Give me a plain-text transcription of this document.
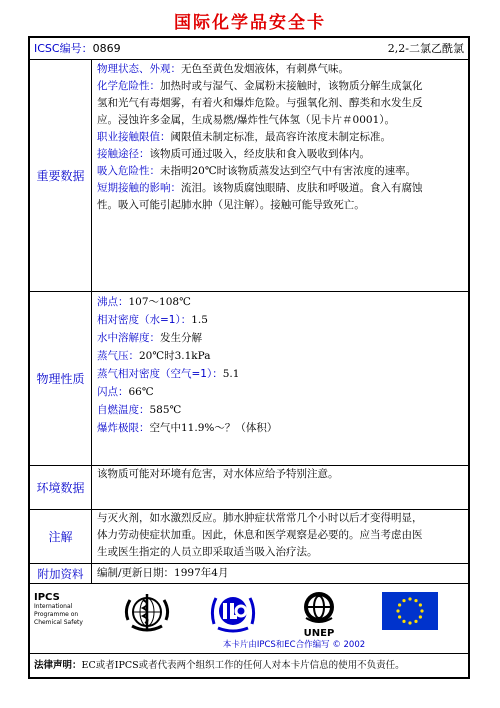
国际化学品安全卡
ICSC编号：0869	2,2-二氯乙酰氯
重要数据
物理状态、外观：无色至黄色发烟液体，有刺鼻气味。
化学危险性：加热时或与湿气、金属粉末接触时，该物质分解生成氯化
氢和光气有毒烟雾，有着火和爆炸危险。与强氧化剂、醇类和水发生反
应。浸蚀许多金属，生成易燃/爆炸性气体氢（见卡片＃0001）。
职业接触限值：阈限值未制定标准，最高容许浓度未制定标准。
接触途径：该物质可通过吸入，经皮肤和食入吸收到体内。
吸入危险性：未指明20℃时该物质蒸发达到空气中有害浓度的速率。
短期接触的影响：流泪。该物质腐蚀眼睛、皮肤和呼吸道。食入有腐蚀
性。吸入可能引起肺水肿（见注解）。接触可能导致死亡。
物理性质
沸点：107～108℃
相对密度（水=1）：1.5
水中溶解度：发生分解
蒸气压：20℃时3.1kPa
蒸气相对密度（空气=1）：5.1
闪点：66℃
自燃温度：585℃
爆炸极限：空气中11.9%～？（体积）
环境数据
该物质可能对环境有危害，对水体应给予特别注意。
注解
与灭火剂，如水激烈反应。肺水肿症状常常几个小时以后才变得明显，
体力劳动使症状加重。因此，休息和医学观察是必要的。应当考虑由医
生或医生指定的人员立即采取适当吸入治疗法。
附加资料	编制/更新日期：1997年4月
IPCS
International
Programme on
Chemical Safety
UNEP
本卡片由IPCS和EC合作编写 © 2002
法律声明：EC或者IPCS或者代表两个组织工作的任何人对本卡片信息的使用不负责任。
